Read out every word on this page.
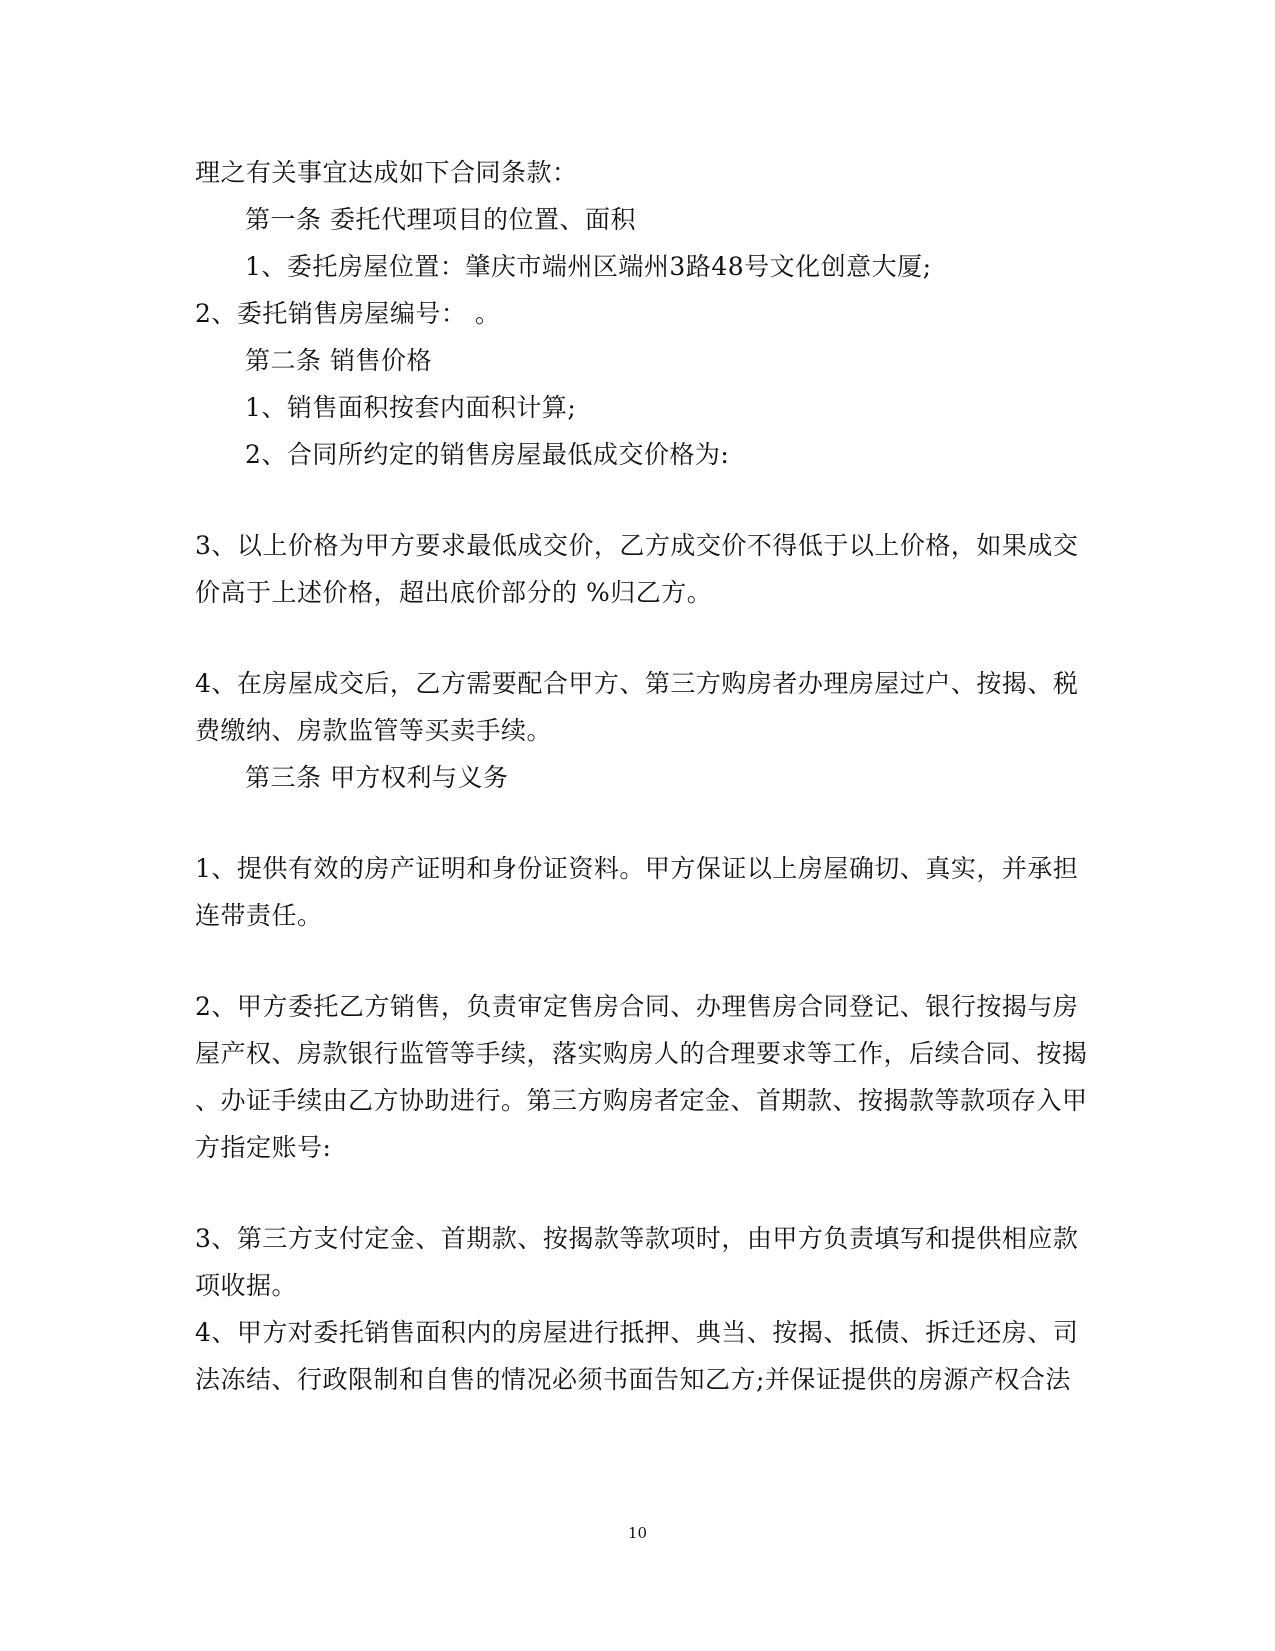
理之有关事宜达成如下合同条款：
第一条 委托代理项目的位置、面积
1、委托房屋位置：肇庆市端州区端州3路48号文化创意大厦;
2、委托销售房屋编号： 。
第二条 销售价格
1、销售面积按套内面积计算;
2、合同所约定的销售房屋最低成交价格为:
3、以上价格为甲方要求最低成交价，乙方成交价不得低于以上价格，如果成交
价高于上述价格，超出底价部分的 %归乙方。
4、在房屋成交后，乙方需要配合甲方、第三方购房者办理房屋过户、按揭、税
费缴纳、房款监管等买卖手续。
第三条 甲方权利与义务
1、提供有效的房产证明和身份证资料。甲方保证以上房屋确切、真实，并承担
连带责任。
2、甲方委托乙方销售，负责审定售房合同、办理售房合同登记、银行按揭与房
屋产权、房款银行监管等手续，落实购房人的合理要求等工作，后续合同、按揭
、办证手续由乙方协助进行。第三方购房者定金、首期款、按揭款等款项存入甲
方指定账号:
3、第三方支付定金、首期款、按揭款等款项时，由甲方负责填写和提供相应款
项收据。
4、甲方对委托销售面积内的房屋进行抵押、典当、按揭、抵债、拆迁还房、司
法冻结、行政限制和自售的情况必须书面告知乙方;并保证提供的房源产权合法
10
